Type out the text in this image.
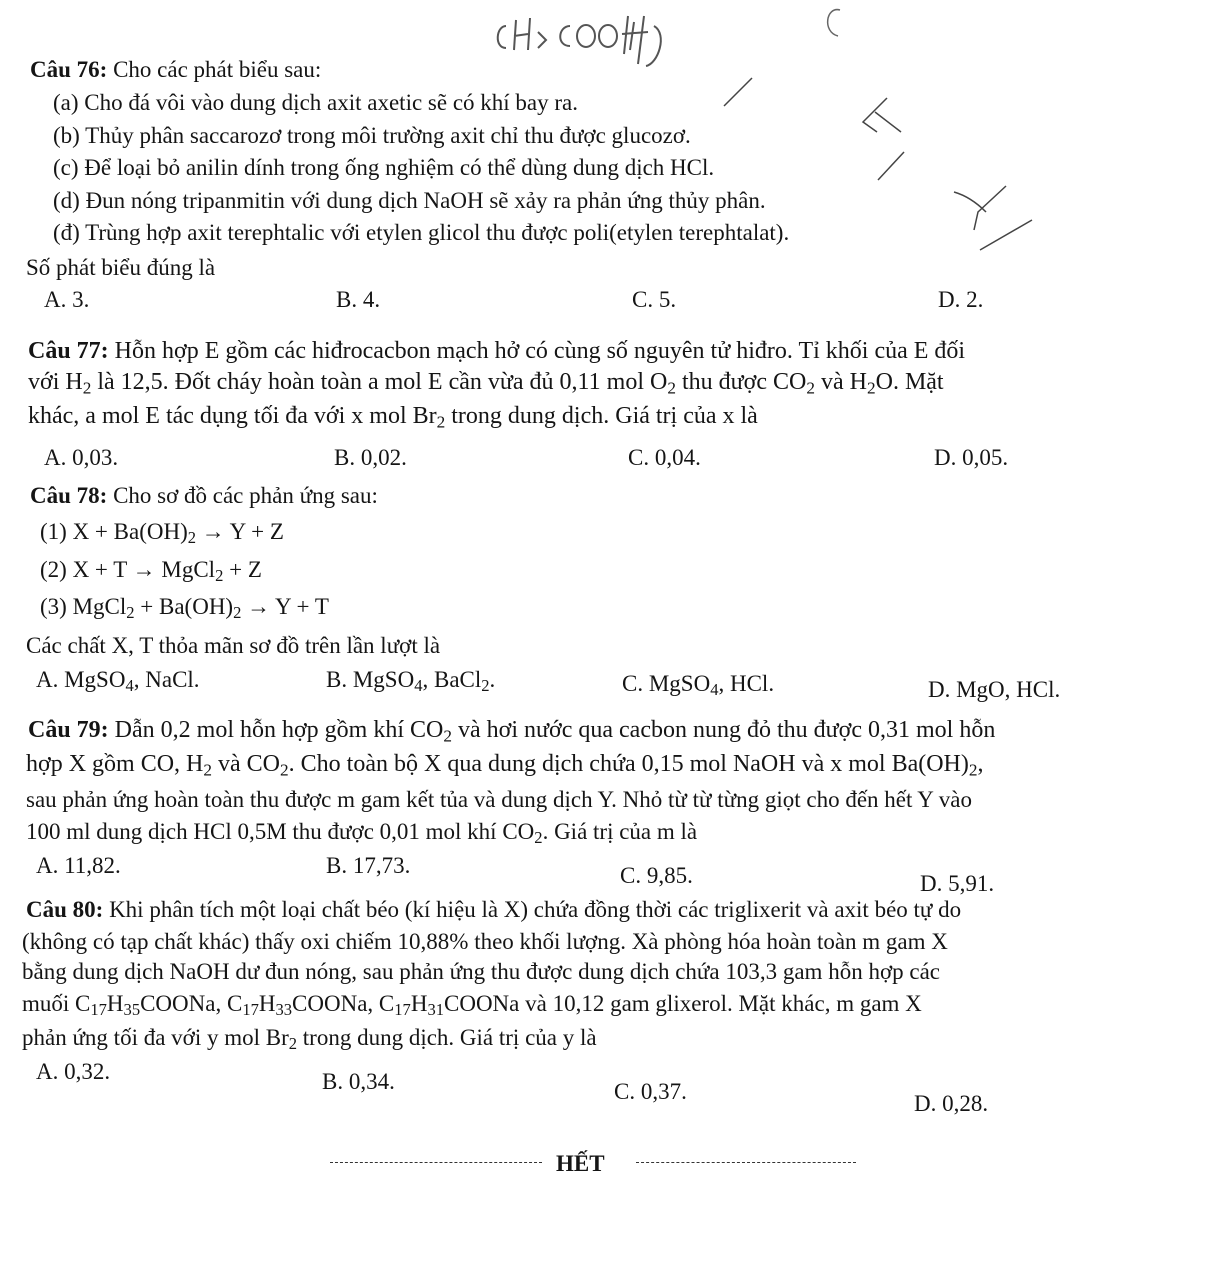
Câu 76: Cho các phát biểu sau:
(a) Cho đá vôi vào dung dịch axit axetic sẽ có khí bay ra.
(b) Thủy phân saccarozơ trong môi trường axit chỉ thu được glucozơ.
(c) Để loại bỏ anilin dính trong ống nghiệm có thể dùng dung dịch HCl.
(d) Đun nóng tripanmitin với dung dịch NaOH sẽ xảy ra phản ứng thủy phân.
(đ) Trùng hợp axit terephtalic với etylen glicol thu được poli(etylen terephtalat).
Số phát biểu đúng là
A. 3.	B. 4.	C. 5.	D. 2.
Câu 77: Hỗn hợp E gồm các hiđrocacbon mạch hở có cùng số nguyên tử hiđro. Tỉ khối của E đối
với $H_2$ là 12,5. Đốt cháy hoàn toàn a mol E cần vừa đủ 0,11 mol $O_2$ thu được $CO_2$ và $H_2O$. Mặt
khác, a mol E tác dụng tối đa với x mol $Br_2$ trong dung dịch. Giá trị của x là
A. 0,03.	B. 0,02.	C. 0,04.	D. 0,05.
Câu 78: Cho sơ đồ các phản ứng sau:
(1) $X + Ba(OH)_2 \to Y + Z$
(2) X + T → MgCl$_2$ + Z
(3) MgCl$_2$ + $Ba(OH)_2 \to Y + T$
Các chất X, T thỏa mãn sơ đồ trên lần lượt là
A. MgSO$_4$, NaCl.	B. MgSO$_4$, BaCl$_2$.	C. MgSO$_4$, HCl.	D. MgO, HCl.
Câu 79: Dẫn 0,2 mol hỗn hợp gồm khí $CO_2$ và hơi nước qua cacbon nung đỏ thu được 0,31 mol hỗn
hợp X gồm CO, $H_2$ và $CO_2$. Cho toàn bộ X qua dung dịch chứa 0,15 mol NaOH và x mol $Ba(OH)_2$,
sau phản ứng hoàn toàn thu được m gam kết tủa và dung dịch Y. Nhỏ từ từ từng giọt cho đến hết Y vào
100 ml dung dịch HCl 0,5M thu được 0,01 mol khí $CO_2$. Giá trị của m là
A. 11,82.	B. 17,73.	C. 9,85.	D. 5,91.
Câu 80: Khi phân tích một loại chất béo (kí hiệu là X) chứa đồng thời các triglixerit và axit béo tự do
(không có tạp chất khác) thấy oxi chiếm 10,88% theo khối lượng. Xà phòng hóa hoàn toàn m gam X
bằng dung dịch NaOH dư đun nóng, sau phản ứng thu được dung dịch chứa 103,3 gam hỗn hợp các
muối $C_{17}H_{35}COONa$, $C_{17}H_{33}COONa$, $C_{17}H_{31}COONa$ và 10,12 gam glixerol. Mặt khác, m gam X
phản ứng tối đa với y mol $Br_2$ trong dung dịch. Giá trị của y là
A. 0,32.	B. 0,34.	C. 0,37.	D. 0,28.
HẾT
